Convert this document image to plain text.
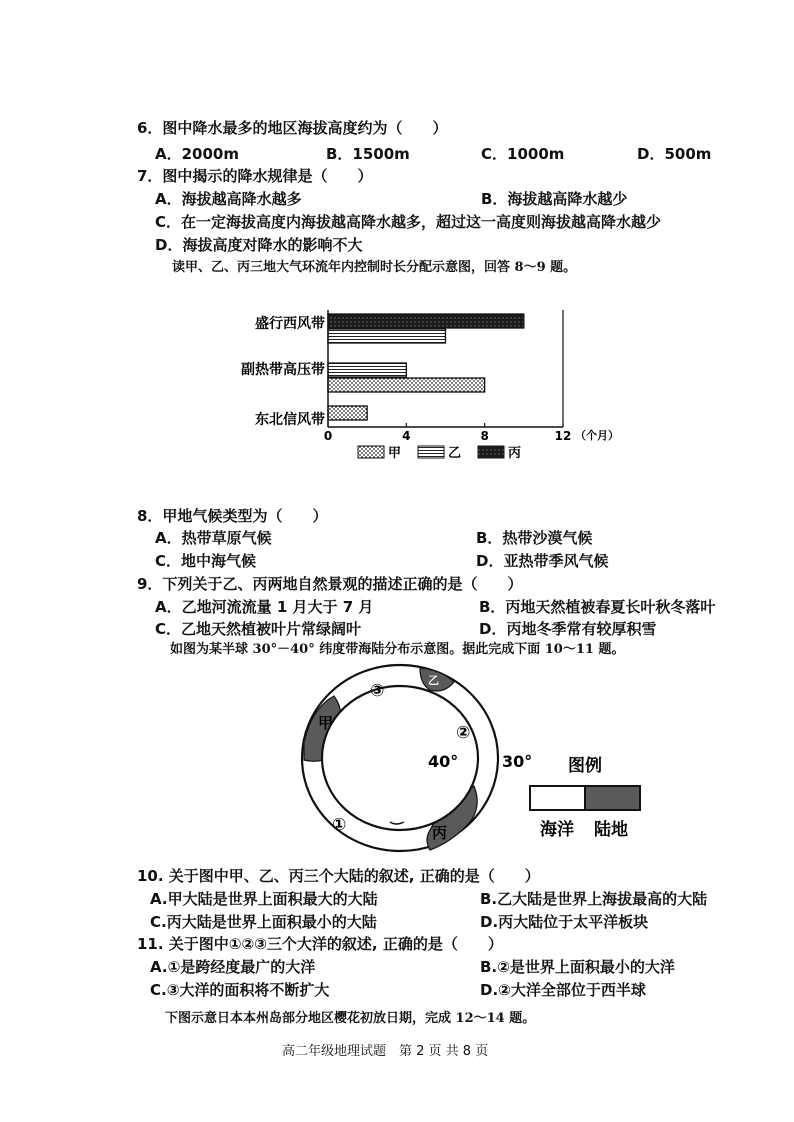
6．图中降水最多的地区海拔高度约为（　　）
A．2000m	B．1500m	C．1000m	D．500m
7．图中揭示的降水规律是（　　）
A．海拔越高降水越多	B．海拔越高降水越少
C．在一定海拔高度内海拔越高降水越多，超过这一高度则海拔越高降水越少
D．海拔高度对降水的影响不大
读甲、乙、丙三地大气环流年内控制时长分配示意图，回答 8～9 题。
盛行西风带
副热带高压带
东北信风带
0	4	8	12 （个月）
甲	乙	丙
8．甲地气候类型为（　　）
A．热带草原气候	B．热带沙漠气候
C．地中海气候	D．亚热带季风气候
9．下列关于乙、丙两地自然景观的描述正确的是（　　）
A．乙地河流流量 1 月大于 7 月	B．丙地天然植被春夏长叶秋冬落叶
C．乙地天然植被叶片常绿阔叶	D．丙地冬季常有较厚积雪
如图为某半球 30°－40° 纬度带海陆分布示意图。据此完成下面 10～11 题。
③
②
①
甲
乙
丙
40°	30° 图例
海洋 陆地
10. 关于图中甲、乙、丙三个大陆的叙述, 正确的是（　　）
A.甲大陆是世界上面积最大的大陆	B.乙大陆是世界上海拔最高的大陆
C.丙大陆是世界上面积最小的大陆	D.丙大陆位于太平洋板块
11. 关于图中①②③三个大洋的叙述, 正确的是（　　）
A.①是跨经度最广的大洋	B.②是世界上面积最小的大洋
C.③大洋的面积将不断扩大	D.②大洋全部位于西半球
下图示意日本本州岛部分地区樱花初放日期，完成 12～14 题。
高二年级地理试题　第 2 页 共 8 页
